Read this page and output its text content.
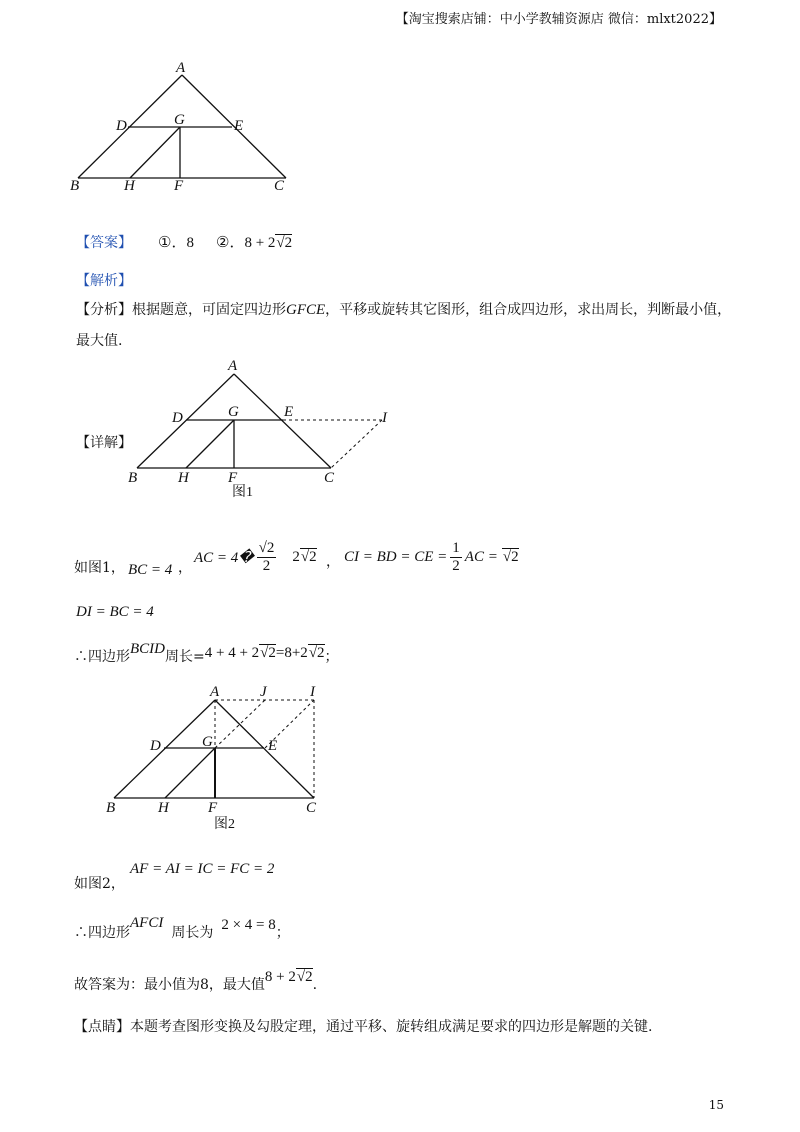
【淘宝搜索店铺：中小学教辅资源店 微信：mlxt2022】
A
D	G	E
B	H	F	C
【答案】 ①．8 ②．8 + 2√2
【解析】
【分析】根据题意，可固定四边形GFCE，平移或旋转其它图形，组合成四边形，求出周长，判断最小值，
最大值.
【详解】
A
D	G	E	I
B	H	F	C
图1
如图1， BC = 4 ，
AC = 4� $\frac{√2}{2} 2$ √2 ， CI = BD = CE = $\frac{1}{2}$ AC = √2
DI = BC = 4
∴四边形BCID周长=4 + 4 + 2√2=8+2√2；
A	J	I
D	G	E
B	H	F	C
图2
如图2，
AF = AI = IC = FC = 2
∴四边形AFCI周长为 2 × 4 = 8；
故答案为：最小值为8，最大值8 + 2√2.
【点睛】本题考查图形变换及勾股定理，通过平移、旋转组成满足要求的四边形是解题的关键.
15
